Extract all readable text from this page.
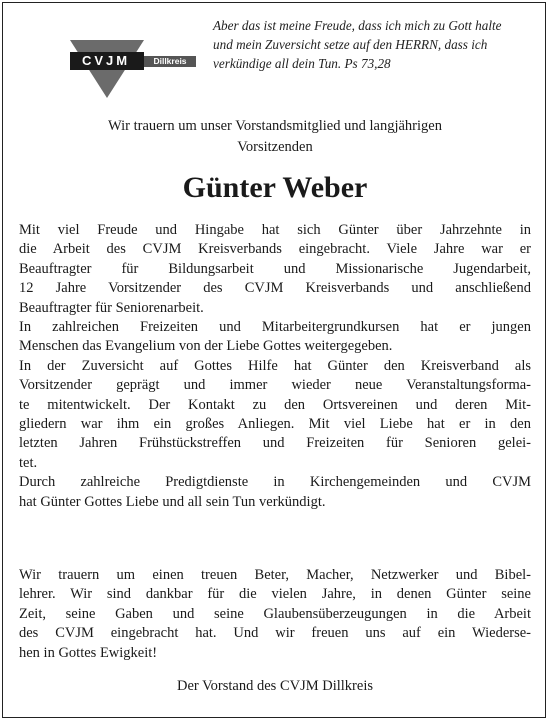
CVJM	Dillkreis
Aber das ist meine Freude, dass ich mich zu Gott halte
und mein Zuversicht setze auf den HERRN, dass ich
verkündige all dein Tun. Ps 73,28
Wir trauern um unser Vorstandsmitglied und langjährigen
Vorsitzenden
Günter Weber
Mit viel Freude und Hingabe hat sich Günter über Jahrzehnte in
die Arbeit des CVJM Kreisverbands eingebracht. Viele Jahre war er
Beauftragter für Bildungsarbeit und Missionarische Jugendarbeit,
12 Jahre Vorsitzender des CVJM Kreisverbands und anschließend
Beauftragter für Seniorenarbeit.
In zahlreichen Freizeiten und Mitarbeitergrundkursen hat er jungen
Menschen das Evangelium von der Liebe Gottes weitergegeben.
In der Zuversicht auf Gottes Hilfe hat Günter den Kreisverband als
Vorsitzender geprägt und immer wieder neue Veranstaltungsforma-
te mitentwickelt. Der Kontakt zu den Ortsvereinen und deren Mit-
gliedern war ihm ein großes Anliegen. Mit viel Liebe hat er in den
letzten Jahren Frühstückstreffen und Freizeiten für Senioren gelei-
tet.
Durch zahlreiche Predigtdienste in Kirchengemeinden und CVJM
hat Günter Gottes Liebe und all sein Tun verkündigt.
Wir trauern um einen treuen Beter, Macher, Netzwerker und Bibel-
lehrer. Wir sind dankbar für die vielen Jahre, in denen Günter seine
Zeit, seine Gaben und seine Glaubensüberzeugungen in die Arbeit
des CVJM eingebracht hat. Und wir freuen uns auf ein Wiederse-
hen in Gottes Ewigkeit!
Der Vorstand des CVJM Dillkreis
